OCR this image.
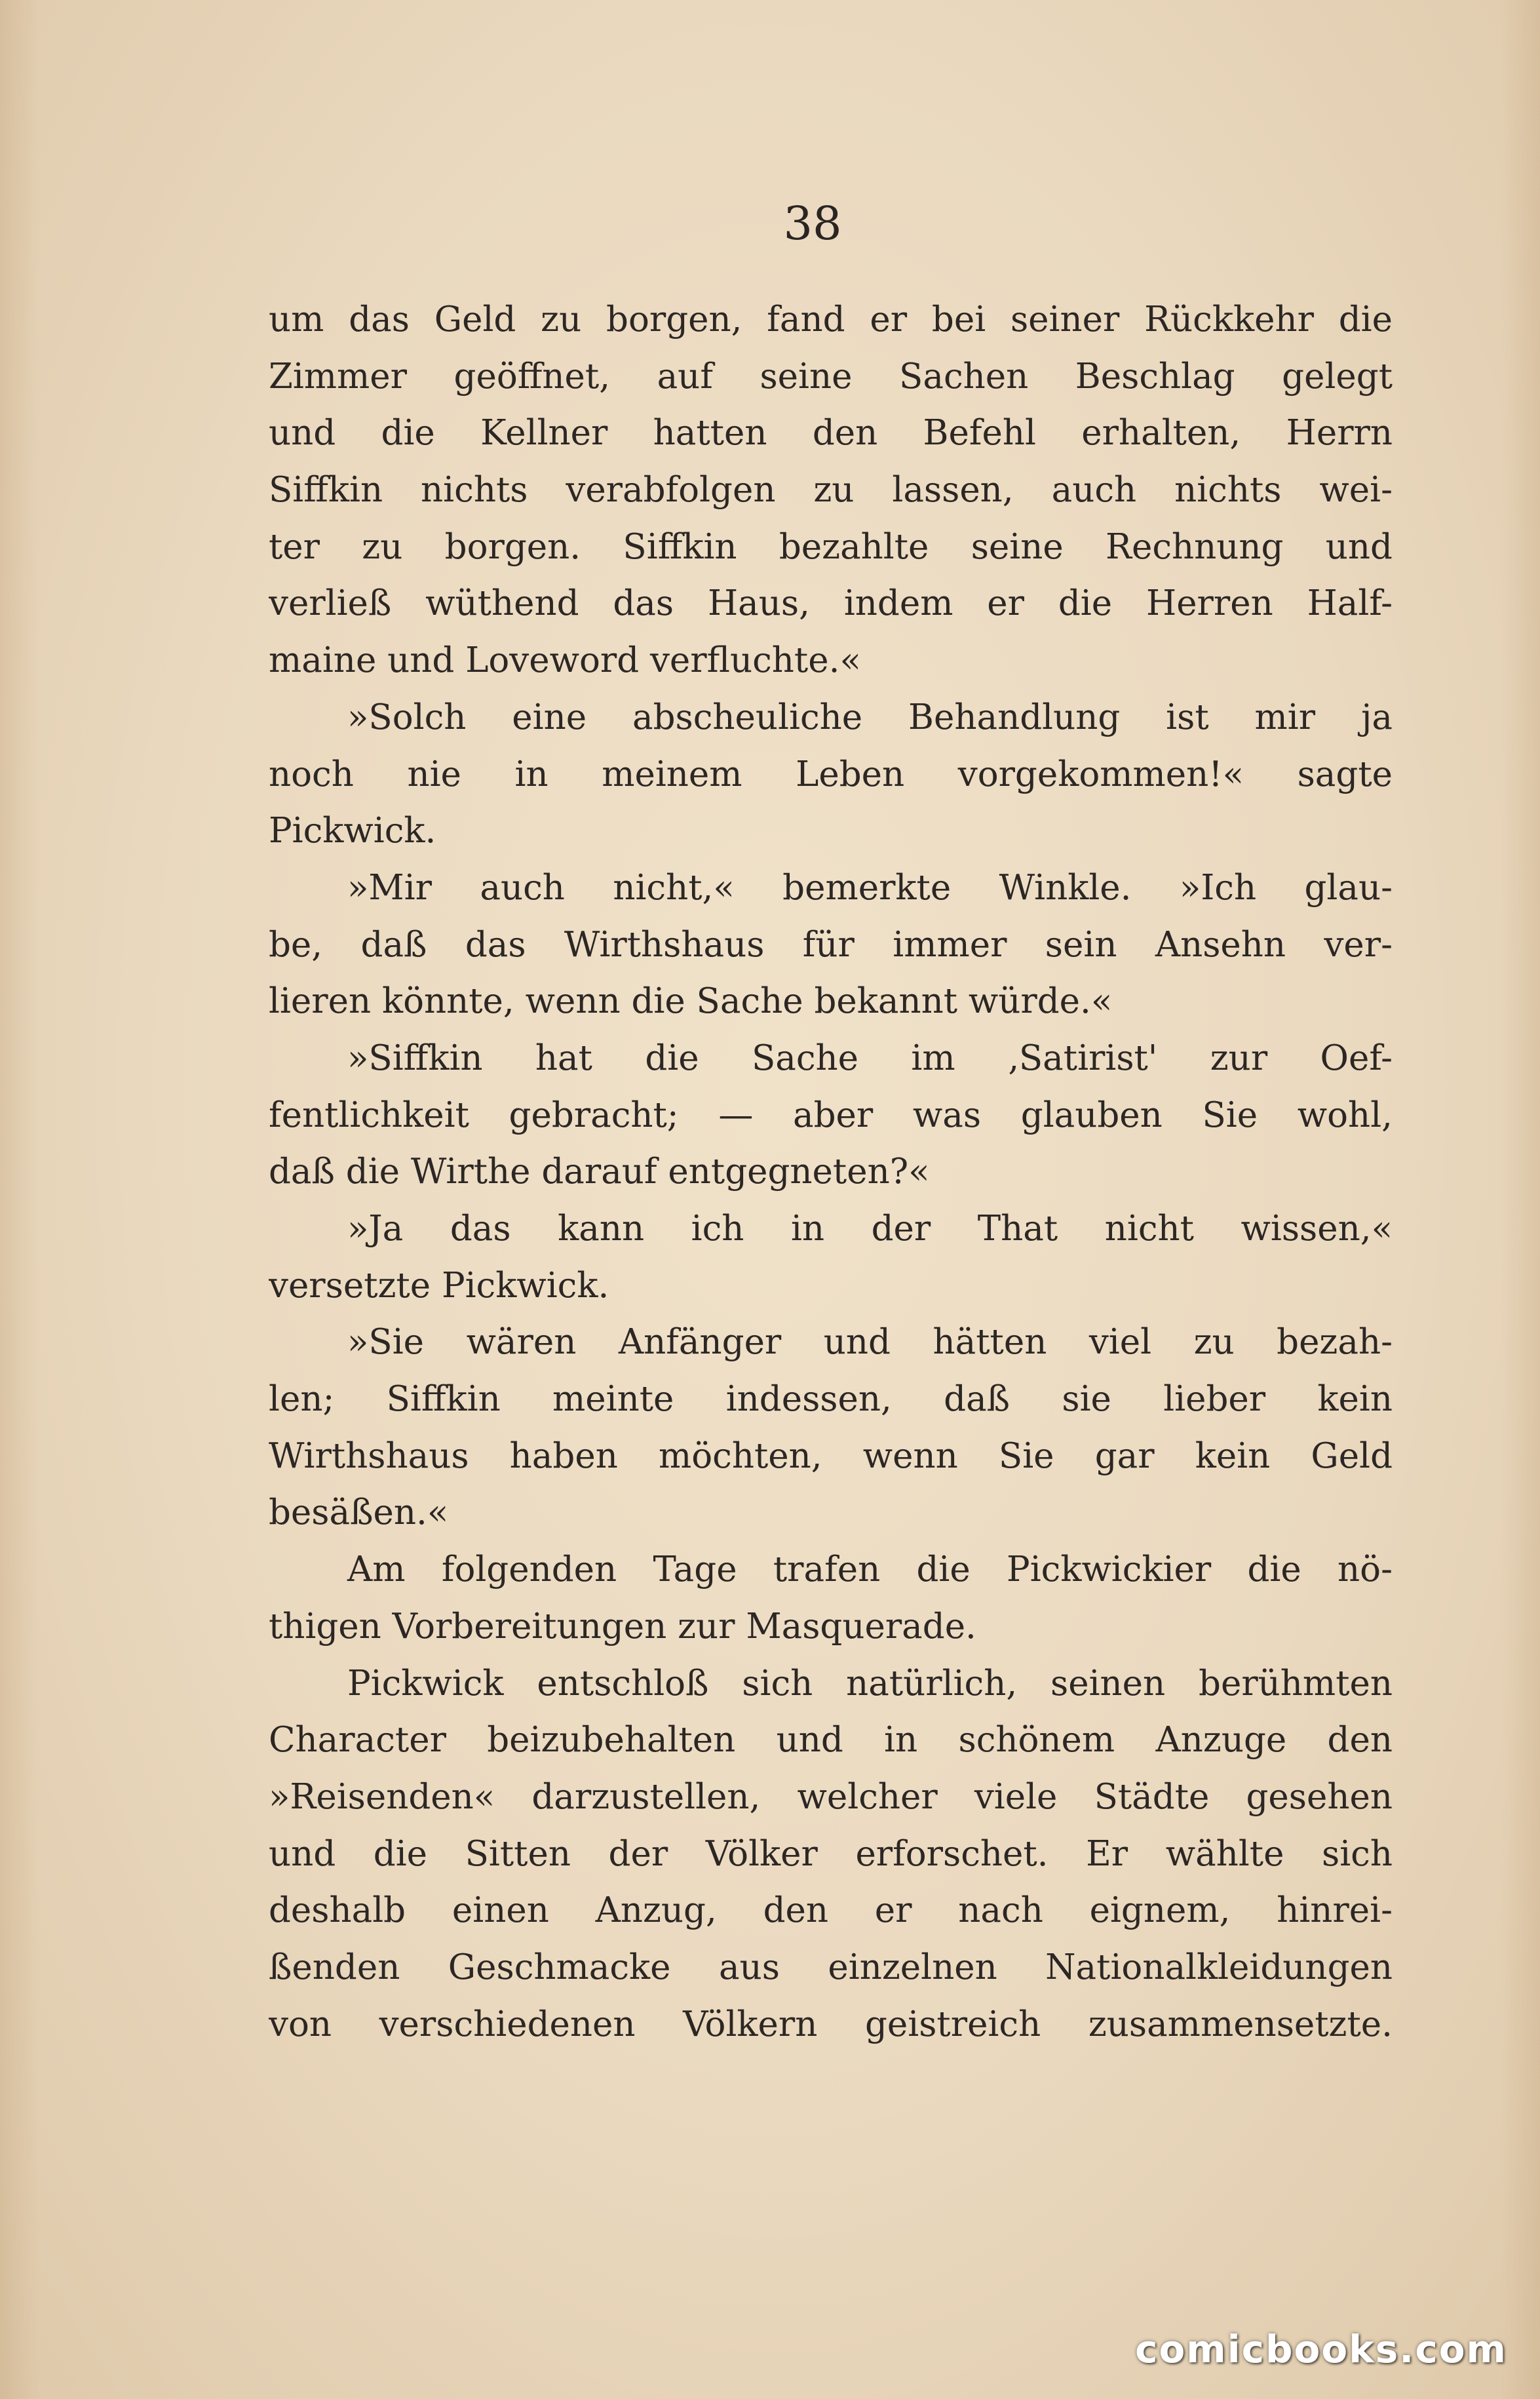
38
um das Geld zu borgen, fand er bei seiner Rückkehr die
Zimmer geöffnet, auf seine Sachen Beschlag gelegt
und die Kellner hatten den Befehl erhalten, Herrn
Siffkin nichts verabfolgen zu lassen, auch nichts wei-
ter zu borgen. Siffkin bezahlte seine Rechnung und
verließ wüthend das Haus, indem er die Herren Half-
maine und Loveword verfluchte.«
»Solch eine abscheuliche Behandlung ist mir ja
noch nie in meinem Leben vorgekommen!« sagte
Pickwick.
»Mir auch nicht,« bemerkte Winkle. »Ich glau-
be, daß das Wirthshaus für immer sein Ansehn ver-
lieren könnte, wenn die Sache bekannt würde.«
»Siffkin hat die Sache im ‚Satirist' zur Oef-
fentlichkeit gebracht; — aber was glauben Sie wohl,
daß die Wirthe darauf entgegneten?«
»Ja das kann ich in der That nicht wissen,«
versetzte Pickwick.
»Sie wären Anfänger und hätten viel zu bezah-
len; Siffkin meinte indessen, daß sie lieber kein
Wirthshaus haben möchten, wenn Sie gar kein Geld
besäßen.«
Am folgenden Tage trafen die Pickwickier die nö-
thigen Vorbereitungen zur Masquerade.
Pickwick entschloß sich natürlich, seinen berühmten
Character beizubehalten und in schönem Anzuge den
»Reisenden« darzustellen, welcher viele Städte gesehen
und die Sitten der Völker erforschet. Er wählte sich
deshalb einen Anzug, den er nach eignem, hinrei-
ßenden Geschmacke aus einzelnen Nationalkleidungen
von verschiedenen Völkern geistreich zusammensetzte.
comicbooks.com
